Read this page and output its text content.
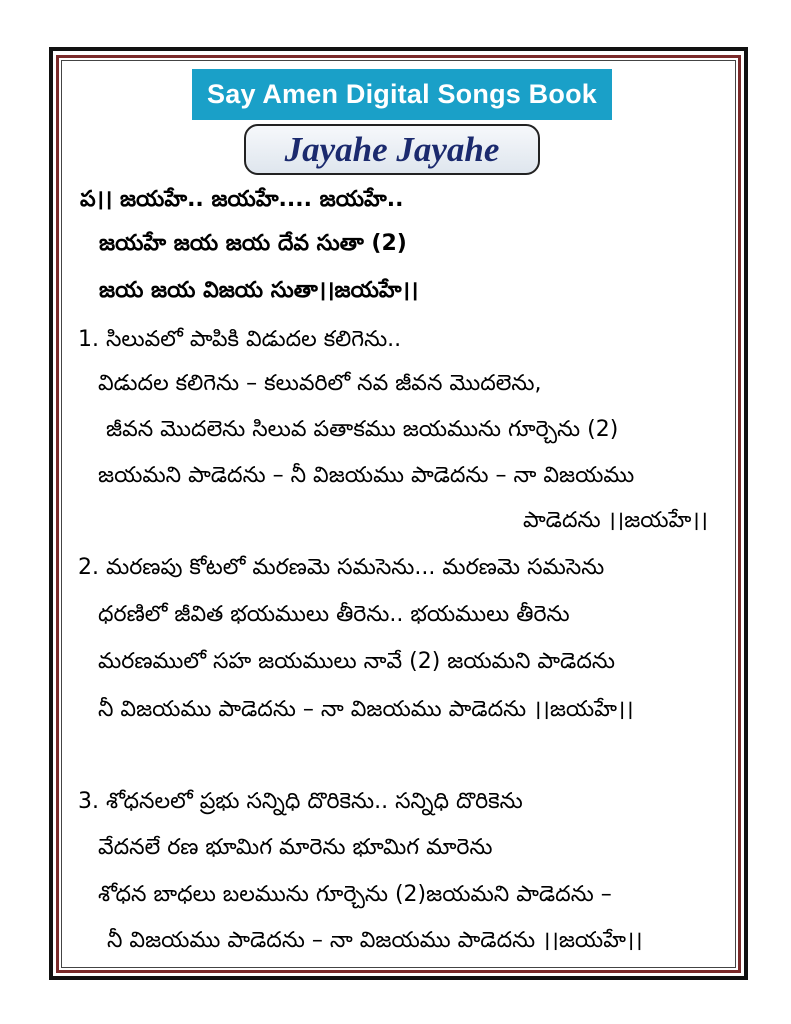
Say Amen Digital Songs Book
Jayahe Jayahe
ప।। జయహే.. జయహే.... జయహే..
జయహే జయ జయ దేవ సుతా (2)
జయ జయ విజయ సుతా।।జయహే।।
1. సిలువలో పాపికి విడుదల కలిగెను..
విడుదల కలిగెను – కలువరిలో నవ జీవన మొదలెను,
జీవన మొదలెను సిలువ పతాకము జయమును గూర్చెను (2)
జయమని పాడెదను – నీ విజయము పాడెదను – నా విజయము
పాడెదను ।।జయహే।।
2. మరణపు కోటలో మరణమె సమసెను... మరణమె సమసెను
ధరణిలో జీవిత భయములు తీరెను.. భయములు తీరెను
మరణములో సహ జయములు నావే (2) జయమని పాడెదను
నీ విజయము పాడెదను – నా విజయము పాడెదను ।।జయహే।।
3. శోధనలలో ప్రభు సన్నిధి దొరికెను.. సన్నిధి దొరికెను
వేదనలే రణ భూమిగ మారెను భూమిగ మారెను
శోధన బాధలు బలమును గూర్చెను (2)జయమని పాడెదను –
నీ విజయము పాడెదను – నా విజయము పాడెదను ।।జయహే।।
